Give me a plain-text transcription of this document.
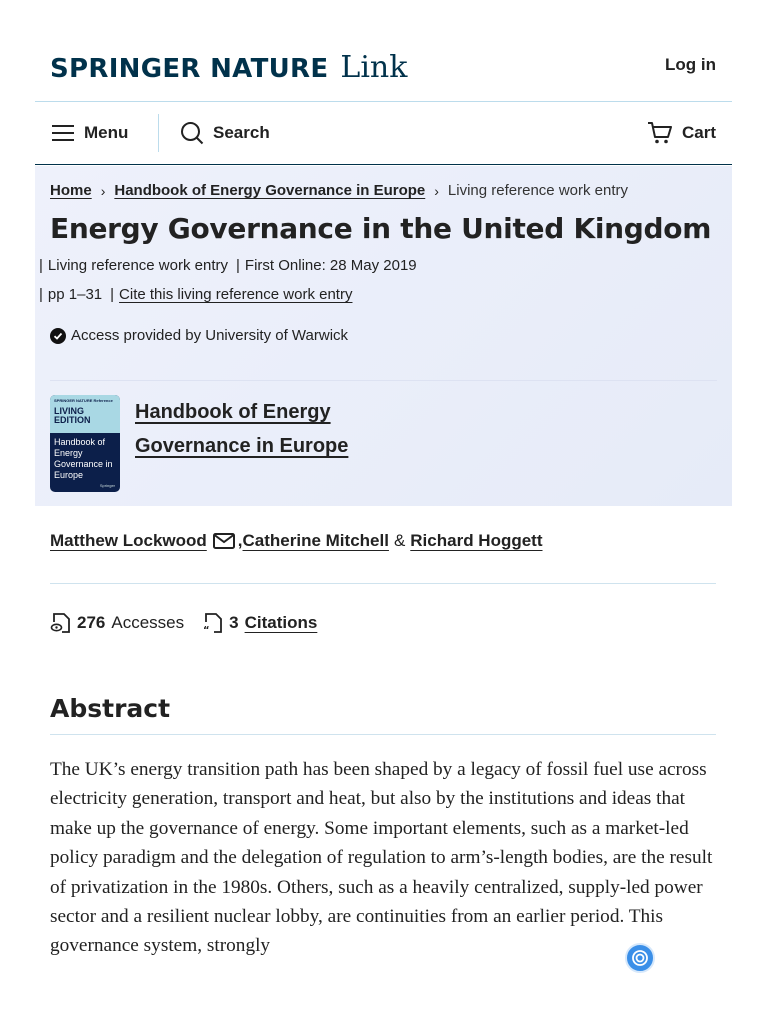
SPRINGER NATURE Link	Log in
Menu	Search	Cart
Home › Handbook of Energy Governance in Europe › Living reference work entry
Energy Governance in the United Kingdom
| Living reference work entry | First Online: 28 May 2019
| pp 1–31 | Cite this living reference work entry
Access provided by University of Warwick
SPRINGER NATURE Reference
LIVING EDITION
Handbook of Energy Governance in Europe
Springer
Handbook of Energy Governance in Europe
Matthew Lockwood , Catherine Mitchell & Richard Hoggett
276 Accesses “ 3 Citations
Abstract

The UK’s energy transition path has been shaped by a legacy of fossil fuel use across electricity generation, transport and heat, but also by the institutions and ideas that make up the governance of energy. Some important elements, such as a market-led policy paradigm and the delegation of regulation to arm’s-length bodies, are the result of privatization in the 1980s. Others, such as a heavily centralized, supply-led power sector and a resilient nuclear lobby, are continuities from an earlier period. This governance system, strongly
